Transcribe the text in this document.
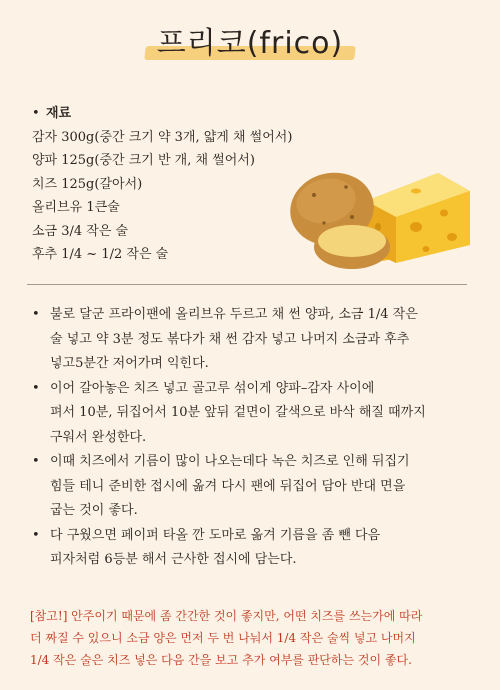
프리코(frico)
• 재료
감자 300g(중간 크기 약 3개, 얇게 채 썰어서)
양파 125g(중간 크기 반 개, 채 썰어서)
치즈 125g(갈아서)
올리브유 1큰술
소금 3/4 작은 술
후추 1/4 ~ 1/2 작은 술
• 불로 달군 프라이팬에 올리브유 두르고 채 썬 양파, 소금 1/4 작은
술 넣고 약 3분 정도 볶다가 채 썬 감자 넣고 나머지 소금과 후추
넣고5분간 저어가며 익힌다.
• 이어 갈아놓은 치즈 넣고 골고루 섞이게 양파–감자 사이에
펴서 10분, 뒤집어서 10분 앞뒤 겉면이 갈색으로 바삭 해질 때까지
구워서 완성한다.
• 이때 치즈에서 기름이 많이 나오는데다 녹은 치즈로 인해 뒤집기
힘들 테니 준비한 접시에 옮겨 다시 팬에 뒤집어 담아 반대 면을
굽는 것이 좋다.
• 다 구웠으면 페이퍼 타올 깐 도마로 옮겨 기름을 좀 뺀 다음
피자처럼 6등분 해서 근사한 접시에 담는다.
[참고!] 안주이기 때문에 좀 간간한 것이 좋지만, 어떤 치즈를 쓰는가에 따라
더 짜질 수 있으니 소금 양은 먼저 두 번 나눠서 1/4 작은 술씩 넣고 나머지
1/4 작은 술은 치즈 넣은 다음 간을 보고 추가 여부를 판단하는 것이 좋다.
